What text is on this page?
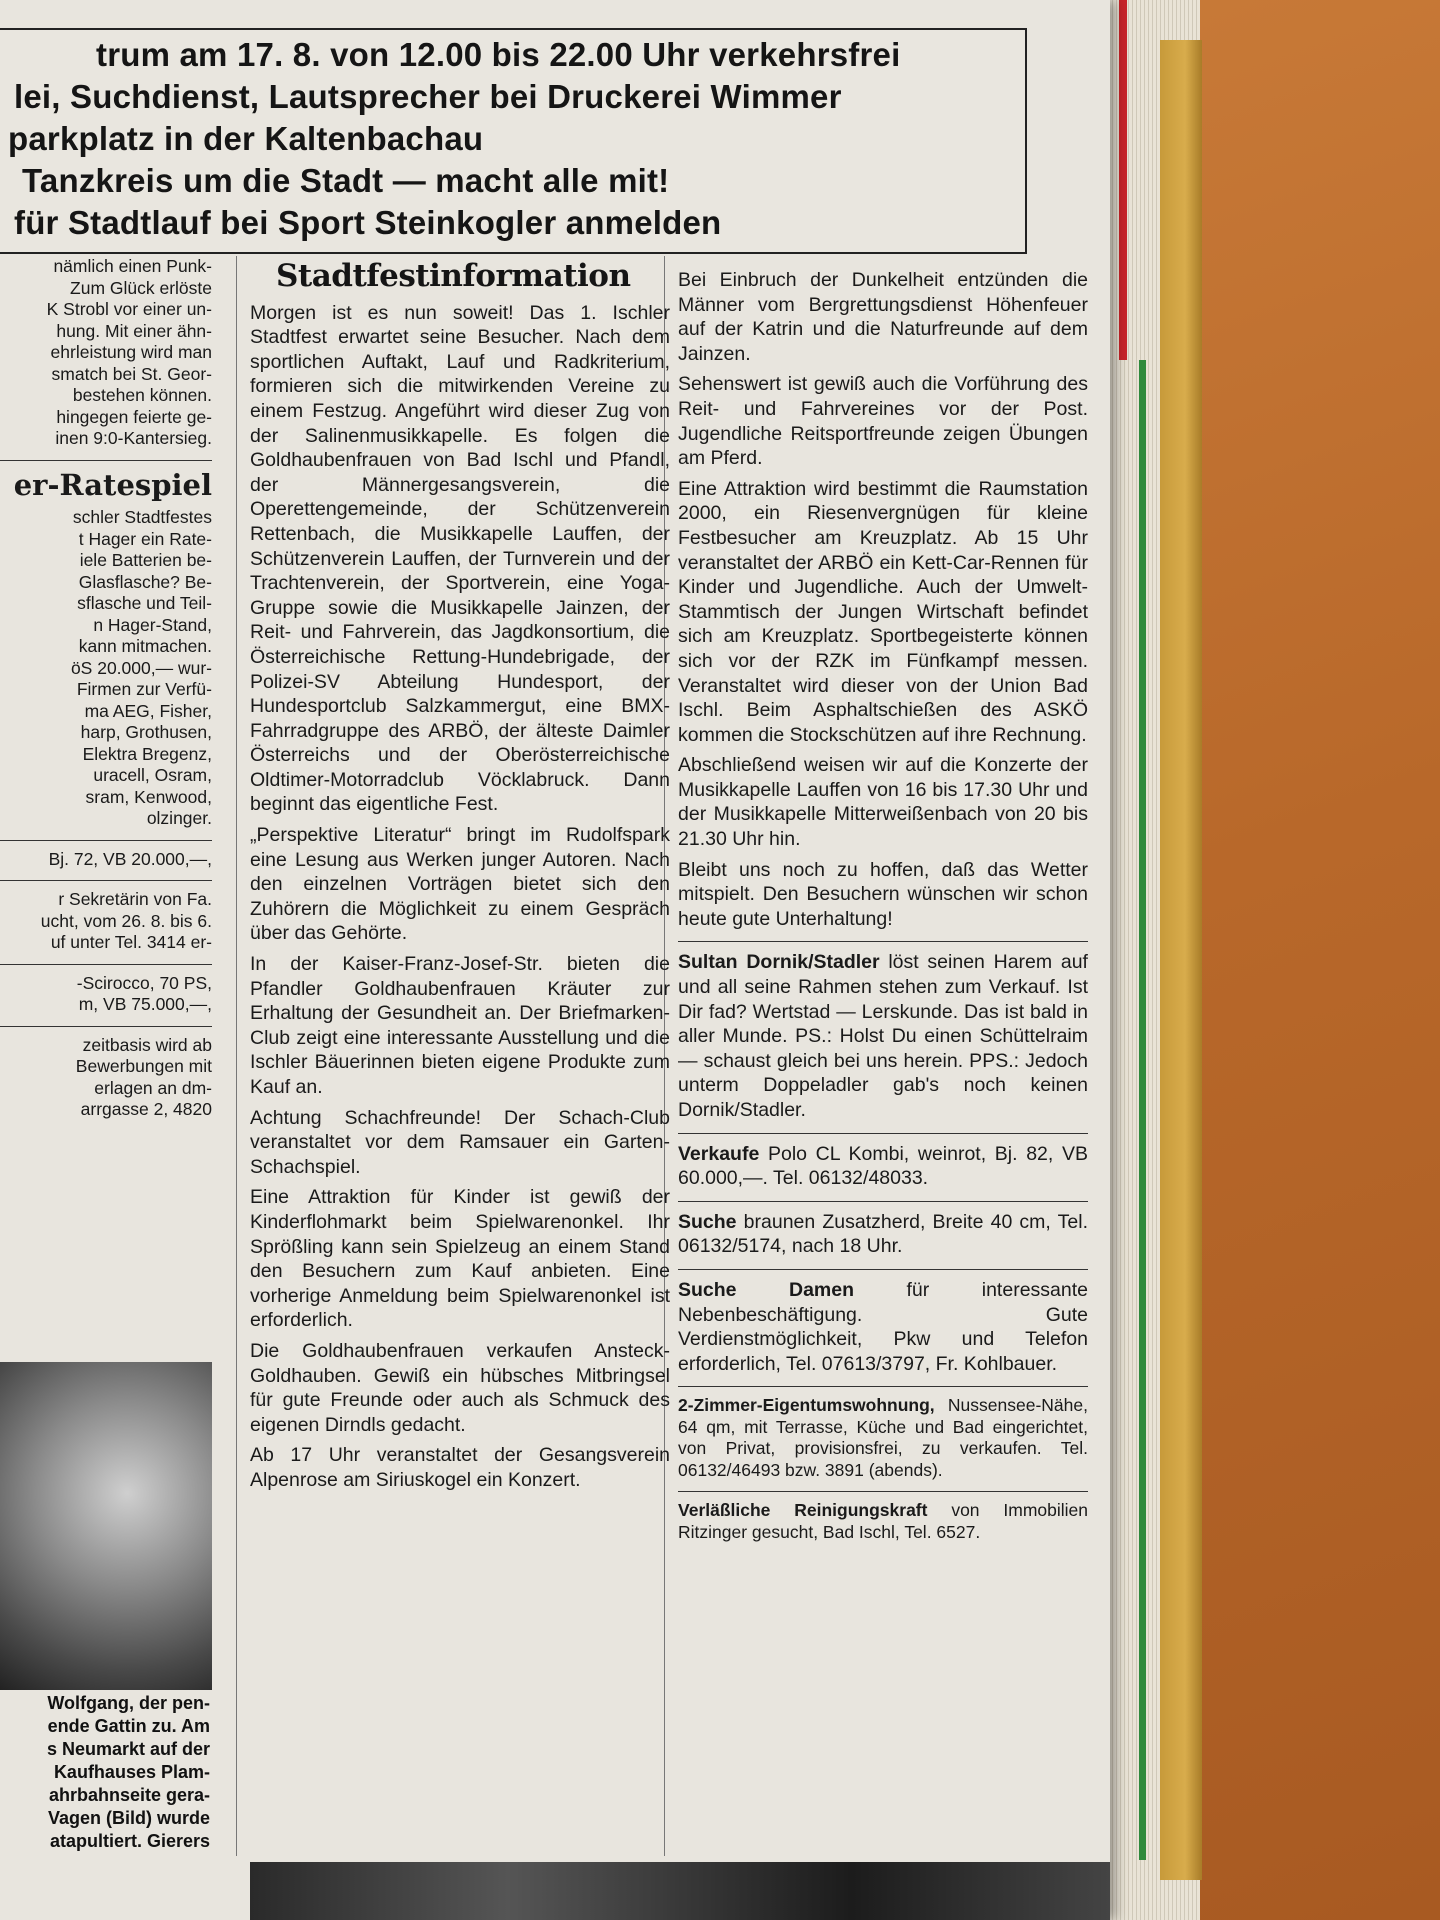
trum am 17. 8. von 12.00 bis 22.00 Uhr verkehrsfrei

lei, Suchdienst, Lautsprecher bei Druckerei Wimmer

parkplatz in der Kaltenbachau

Tanzkreis um die Stadt — macht alle mit!

für Stadtlauf bei Sport Steinkogler anmelden

nämlich einen Punk-

Zum Glück erlöste

K Strobl vor einer un-

hung. Mit einer ähn-

ehrleistung wird man

smatch bei St. Geor-

bestehen können.

hingegen feierte ge-

inen 9:0-Kantersieg.

er-Ratespiel

schler Stadtfestes

t Hager ein Rate-

iele Batterien be-

Glasflasche? Be-

sflasche und Teil-

n Hager-Stand,

kann mitmachen.

öS 20.000,— wur-

Firmen zur Verfü-

ma AEG, Fisher,

harp, Grothusen,

Elektra Bregenz,

uracell, Osram,

sram, Kenwood,

olzinger.

Bj. 72, VB 20.000,—,

r Sekretärin von Fa.

ucht, vom 26. 8. bis 6.

uf unter Tel. 3414 er-

-Scirocco, 70 PS,

m, VB 75.000,—,

zeitbasis wird ab

Bewerbungen mit

erlagen an dm-

arrgasse 2, 4820

Wolfgang, der pen-
ende Gattin zu. Am
s Neumarkt auf der
Kaufhauses Plam-
ahrbahnseite gera-
Vagen (Bild) wurde
atapultiert. Gierers
Stadtfestinformation

Morgen ist es nun soweit! Das 1. Ischler Stadtfest erwartet seine Besucher. Nach dem sportlichen Auftakt, Lauf und Radkriterium, formieren sich die mitwirkenden Vereine zu einem Festzug. Angeführt wird dieser Zug von der Salinenmusikkapelle. Es folgen die Goldhaubenfrauen von Bad Ischl und Pfandl, der Männergesangsverein, die Operettengemeinde, der Schützenverein Rettenbach, die Musikkapelle Lauffen, der Schützenverein Lauffen, der Turnverein und der Trachtenverein, der Sportverein, eine Yoga-Gruppe sowie die Musikkapelle Jainzen, der Reit- und Fahrverein, das Jagdkonsortium, die Österreichische Rettung-Hundebrigade, der Polizei-SV Abteilung Hundesport, der Hundesportclub Salzkammergut, eine BMX-Fahrradgruppe des ARBÖ, der älteste Daimler Österreichs und der Oberösterreichische Oldtimer-Motorradclub Vöcklabruck. Dann beginnt das eigentliche Fest.

„Perspektive Literatur“ bringt im Rudolfspark eine Lesung aus Werken junger Autoren. Nach den einzelnen Vorträgen bietet sich den Zuhörern die Möglichkeit zu einem Gespräch über das Gehörte.

In der Kaiser-Franz-Josef-Str. bieten die Pfandler Goldhaubenfrauen Kräuter zur Erhaltung der Gesundheit an. Der Briefmarken-Club zeigt eine interessante Ausstellung und die Ischler Bäuerinnen bieten eigene Produkte zum Kauf an.

Achtung Schachfreunde! Der Schach-Club veranstaltet vor dem Ramsauer ein Garten-Schachspiel.

Eine Attraktion für Kinder ist gewiß der Kinderflohmarkt beim Spielwarenonkel. Ihr Sprößling kann sein Spielzeug an einem Stand den Besuchern zum Kauf anbieten. Eine vorherige Anmeldung beim Spielwarenonkel ist erforderlich.

Die Goldhaubenfrauen verkaufen Ansteck-Goldhauben. Gewiß ein hübsches Mitbringsel für gute Freunde oder auch als Schmuck des eigenen Dirndls gedacht.

Ab 17 Uhr veranstaltet der Gesangsverein Alpenrose am Siriuskogel ein Konzert.

Bei Einbruch der Dunkelheit entzünden die Männer vom Bergrettungsdienst Höhenfeuer auf der Katrin und die Naturfreunde auf dem Jainzen.

Sehenswert ist gewiß auch die Vorführung des Reit- und Fahrvereines vor der Post. Jugendliche Reitsportfreunde zeigen Übungen am Pferd.

Eine Attraktion wird bestimmt die Raumstation 2000, ein Riesenvergnügen für kleine Festbesucher am Kreuzplatz. Ab 15 Uhr veranstaltet der ARBÖ ein Kett-Car-Rennen für Kinder und Jugendliche. Auch der Umwelt-Stammtisch der Jungen Wirtschaft befindet sich am Kreuzplatz. Sportbegeisterte können sich vor der RZK im Fünfkampf messen. Veranstaltet wird dieser von der Union Bad Ischl. Beim Asphaltschießen des ASKÖ kommen die Stockschützen auf ihre Rechnung.

Abschließend weisen wir auf die Konzerte der Musikkapelle Lauffen von 16 bis 17.30 Uhr und der Musikkapelle Mitterweißenbach von 20 bis 21.30 Uhr hin.

Bleibt uns noch zu hoffen, daß das Wetter mitspielt. Den Besuchern wünschen wir schon heute gute Unterhaltung!

Sultan Dornik/Stadler löst seinen Harem auf und all seine Rahmen stehen zum Verkauf. Ist Dir fad? Wertstad — Lerskunde. Das ist bald in aller Munde. PS.: Holst Du einen Schüttelraim — schaust gleich bei uns herein. PPS.: Jedoch unterm Doppeladler gab's noch keinen Dornik/Stadler.

Verkaufe Polo CL Kombi, weinrot, Bj. 82, VB 60.000,—. Tel. 06132/48033.

Suche braunen Zusatzherd, Breite 40 cm, Tel. 06132/5174, nach 18 Uhr.

Suche Damen für interessante Nebenbeschäftigung. Gute Verdienstmöglichkeit, Pkw und Telefon erforderlich, Tel. 07613/3797, Fr. Kohlbauer.

2-Zimmer-Eigentumswohnung, Nussensee-Nähe, 64 qm, mit Terrasse, Küche und Bad eingerichtet, von Privat, provisionsfrei, zu verkaufen. Tel. 06132/46493 bzw. 3891 (abends).

Verläßliche Reinigungskraft von Immobilien Ritzinger gesucht, Bad Ischl, Tel. 6527.
